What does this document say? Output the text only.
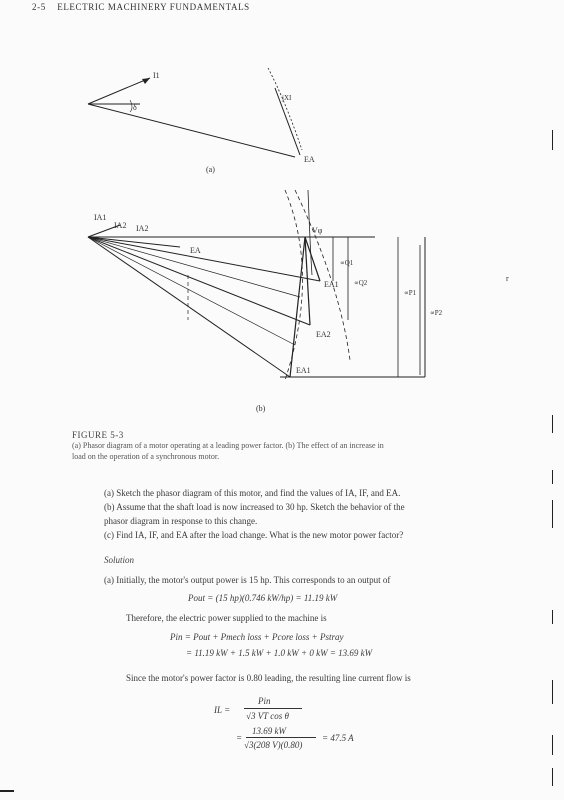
2-5 ELECTRIC MACHINERY FUNDAMENTALS
I1
δ
jXI
EA
(a)
IA1
IA2 IA2
EA
Vφ
EA1
EA2
EA1
∝Q1
∝Q2
∝P1
∝P2
r
(b)
FIGURE 5-3
(a) Phasor diagram of a motor operating at a leading power factor. (b) The effect of an increase in
load on the operation of a synchronous motor.
(a) Sketch the phasor diagram of this motor, and find the values of IA, IF, and EA.
(b) Assume that the shaft load is now increased to 30 hp. Sketch the behavior of the
phasor diagram in response to this change.
(c) Find IA, IF, and EA after the load change. What is the new motor power factor?
Solution
(a) Initially, the motor's output power is 15 hp. This corresponds to an output of
Pout = (15 hp)(0.746 kW/hp) = 11.19 kW
Therefore, the electric power supplied to the machine is
Pin = Pout + Pmech loss + Pcore loss + Pstray
= 11.19 kW + 1.5 kW + 1.0 kW + 0 kW = 13.69 kW
Since the motor's power factor is 0.80 leading, the resulting line current flow is
IL =
Pin
√3 VT cos θ
=
13.69 kW
√3(208 V)(0.80)
= 47.5 A
